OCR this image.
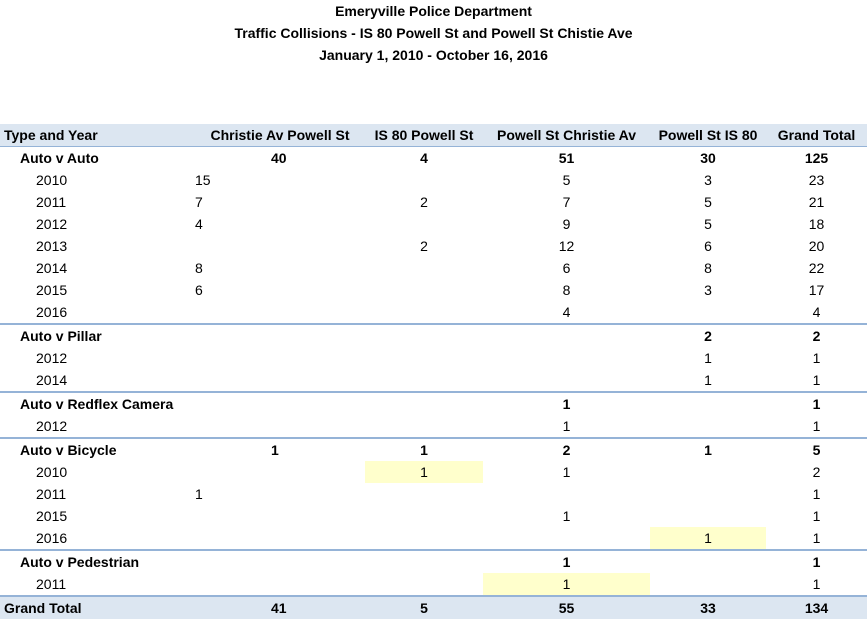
Emeryville Police Department
Traffic Collisions - IS 80 Powell St and Powell St Chistie Ave
January 1, 2010 - October 16, 2016
Type and Year	Christie Av Powell St	IS 80 Powell St	Powell St Christie Av	Powell St IS 80	Grand Total
Auto v Auto	40	4	51	30	125
2010	15		5	3	23
2011	7	2	7	5	21
2012	4		9	5	18
2013		2	12	6	20
2014	8		6	8	22
2015	6		8	3	17
2016			4		4
Auto v Pillar				2	2
2012				1	1
2014				1	1
Auto v Redflex Camera			1		1
2012			1		1
Auto v Bicycle	1	1	2	1	5
2010		1	1		2
2011	1				1
2015			1		1
2016				1	1
Auto v Pedestrian			1		1
2011			1		1
Grand Total	41	5	55	33	134
